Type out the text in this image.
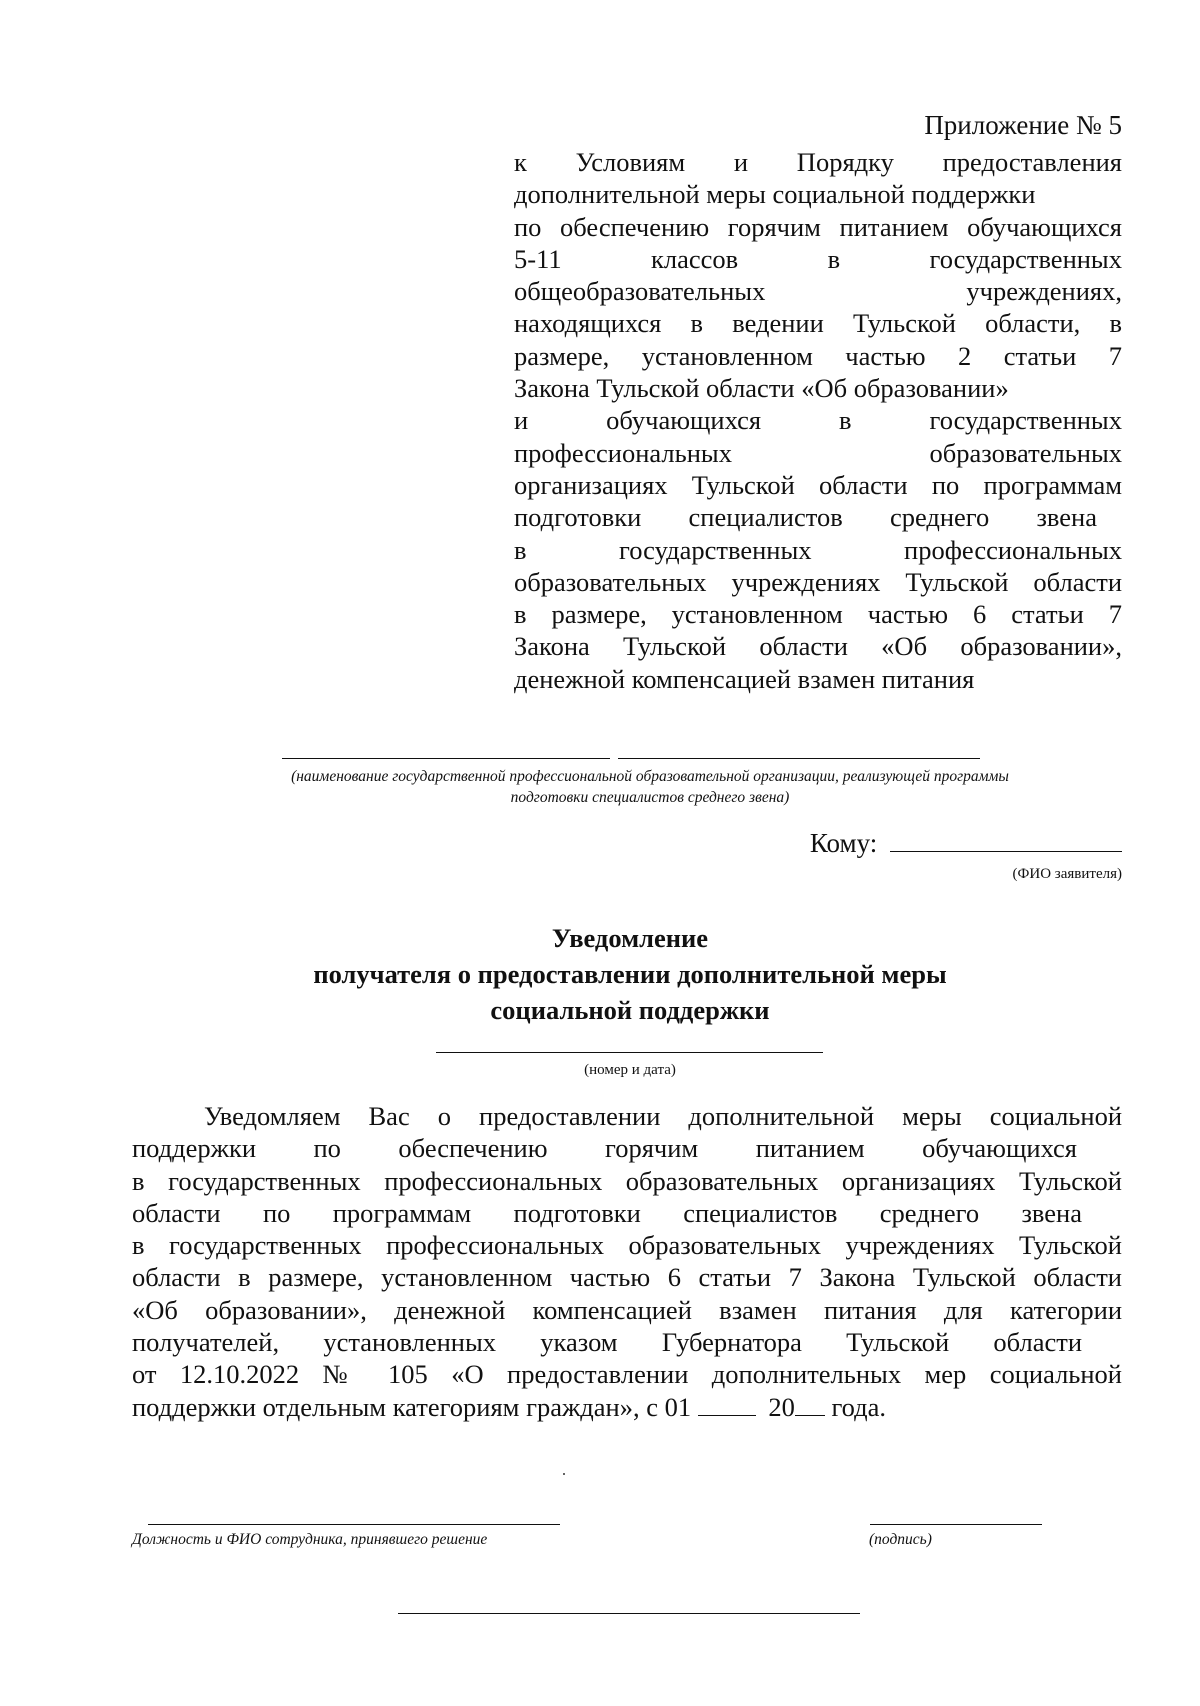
Приложение № 5
к Условиям и Порядку предоставления
дополнительной меры социальной поддержки
по обеспечению горячим питанием обучающихся
5-11 классов в государственных
общеобразовательных учреждениях,
находящихся в ведении Тульской области, в
размере, установленном частью 2 статьи 7
Закона Тульской области «Об образовании»
и обучающихся в государственных
профессиональных образовательных
организациях Тульской области по программам
подготовки специалистов среднего звена
в государственных профессиональных
образовательных учреждениях Тульской области
в размере, установленном частью 6 статьи 7
Закона Тульской области «Об образовании»,
денежной компенсацией взамен питания
(наименование государственной профессиональной образовательной организации, реализующей программы
подготовки специалистов среднего звена)
Кому:
(ФИО заявителя)
Уведомление
получателя о предоставлении дополнительной меры
социальной поддержки
(номер и дата)
Уведомляем Вас о предоставлении дополнительной меры социальной
поддержки по обеспечению горячим питанием обучающихся
в государственных профессиональных образовательных организациях Тульской
области по программам подготовки специалистов среднего звена
в государственных профессиональных образовательных учреждениях Тульской
области в размере, установленном частью 6 статьи 7 Закона Тульской области
«Об образовании», денежной компенсацией взамен питания для категории
получателей, установленных указом Губернатора Тульской области
от 12.10.2022 № 105 «О предоставлении дополнительных мер социальной
поддержки отдельным категориям граждан», с 01	20 года.
Должность и ФИО сотрудника, принявшего решение	(подпись)
